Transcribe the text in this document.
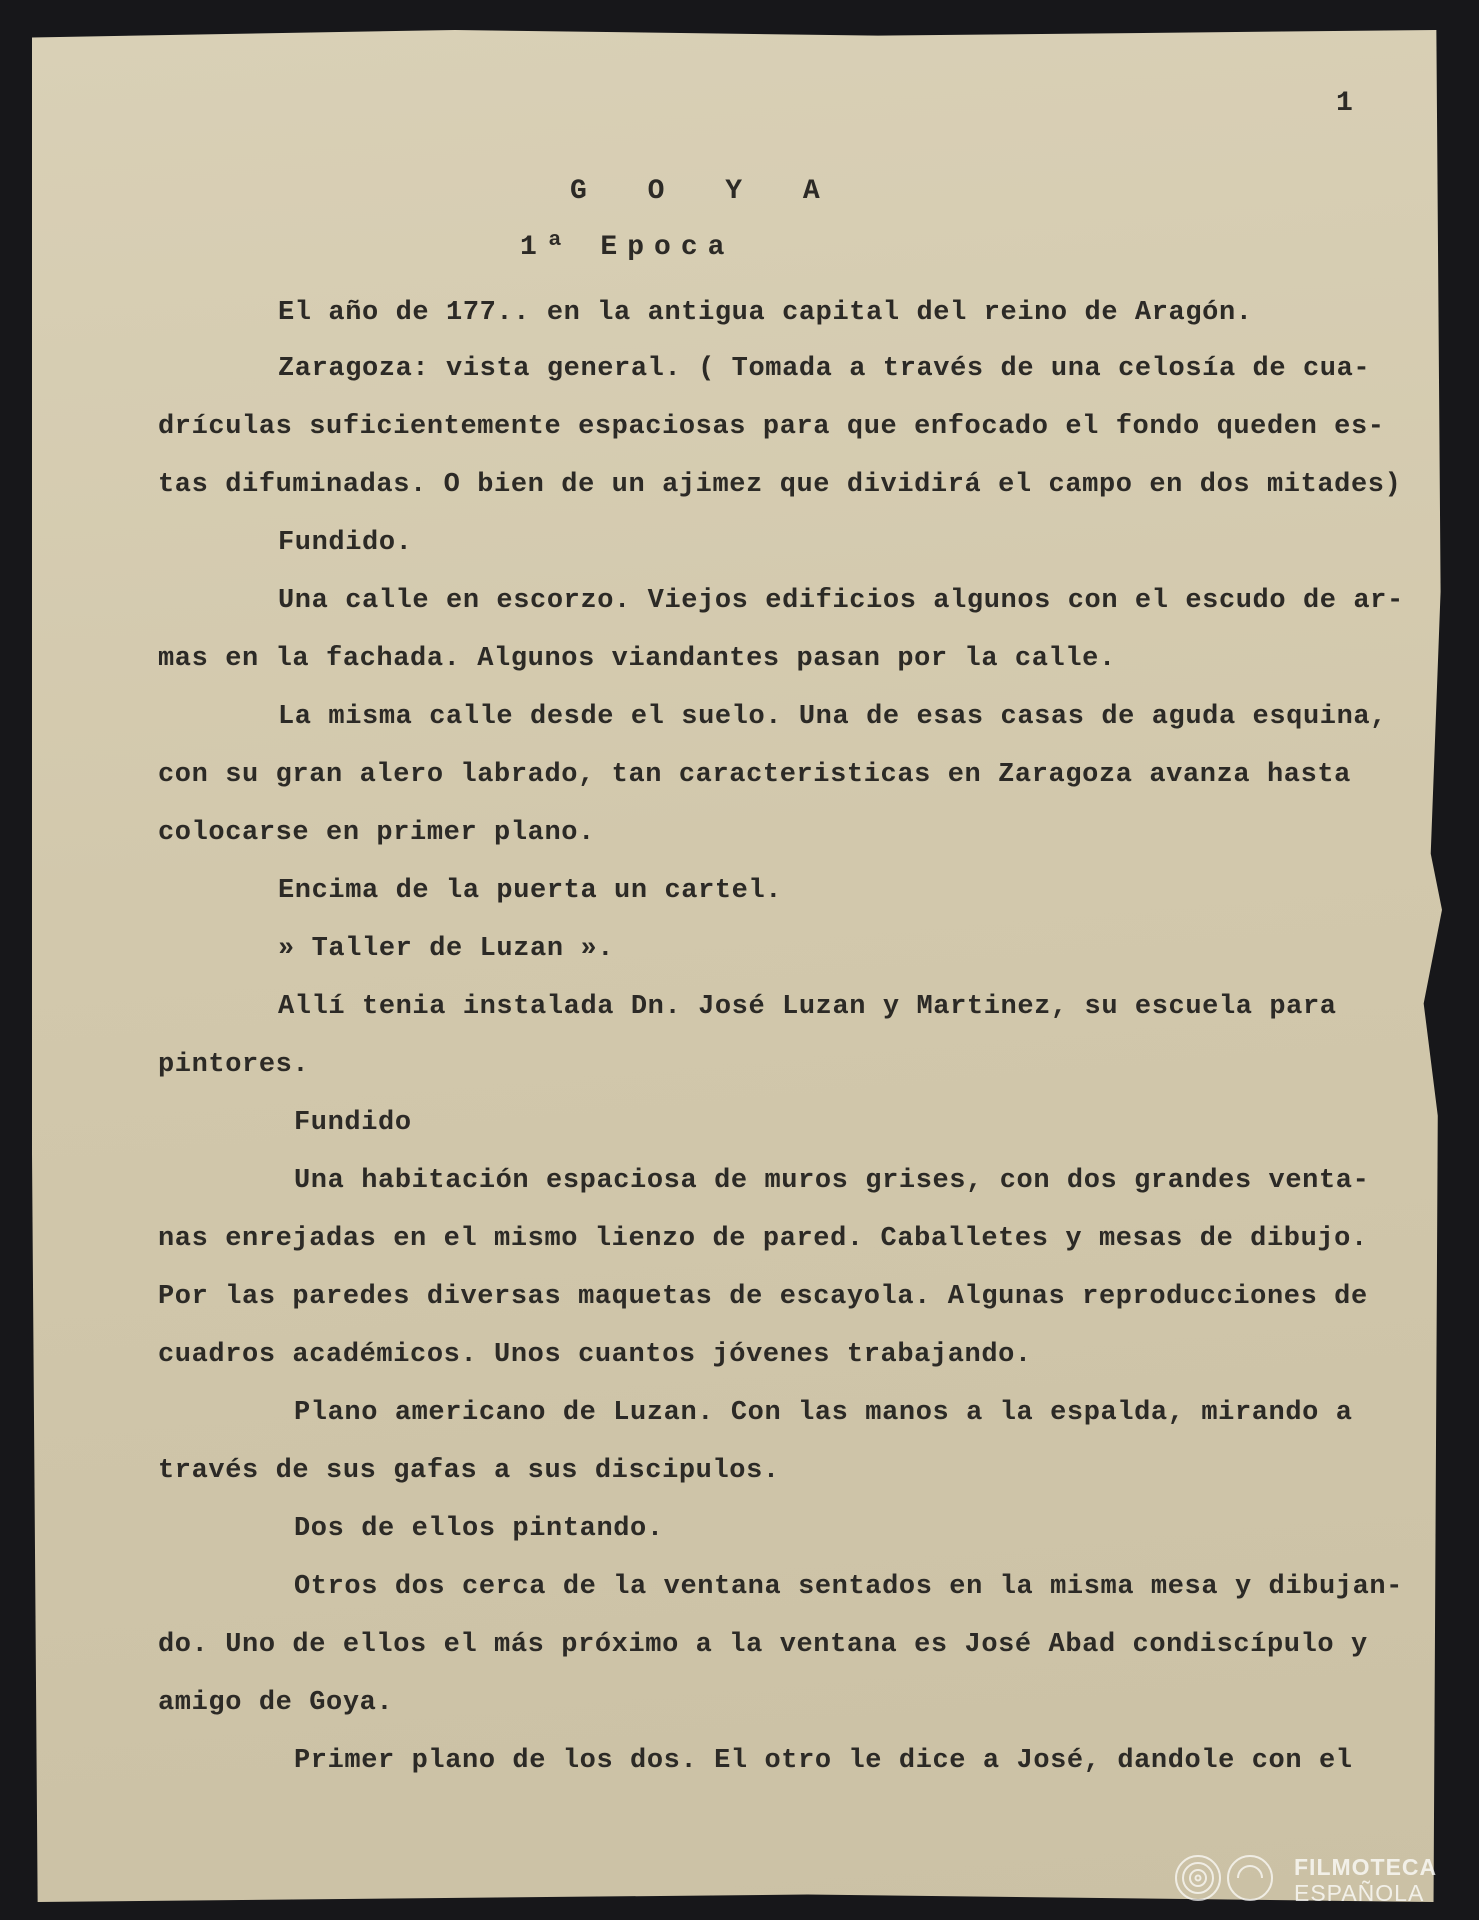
1
G O Y A
1ª Epoca
El año de 177.. en la antigua capital del reino de Aragón.
Zaragoza: vista general. ( Tomada a través de una celosía de cua-
drículas suficientemente espaciosas para que enfocado el fondo queden es-
tas difuminadas. O bien de un ajimez que dividirá el campo en dos mitades)
Fundido.
Una calle en escorzo. Viejos edificios algunos con el escudo de ar-
mas en la fachada. Algunos viandantes pasan por la calle.
La misma calle desde el suelo. Una de esas casas de aguda esquina,
con su gran alero labrado, tan caracteristicas en Zaragoza avanza hasta
colocarse en primer plano.
Encima de la puerta un cartel.
» Taller de Luzan ».
Allí tenia instalada Dn. José Luzan y Martinez, su escuela para
pintores.
Fundido
Una habitación espaciosa de muros grises, con dos grandes venta-
nas enrejadas en el mismo lienzo de pared. Caballetes y mesas de dibujo.
Por las paredes diversas maquetas de escayola. Algunas reproducciones de
cuadros académicos. Unos cuantos jóvenes trabajando.
Plano americano de Luzan. Con las manos a la espalda, mirando a
través de sus gafas a sus discipulos.
Dos de ellos pintando.
Otros dos cerca de la ventana sentados en la misma mesa y dibujan-
do. Uno de ellos el más próximo a la ventana es José Abad condiscípulo y
amigo de Goya.
Primer plano de los dos. El otro le dice a José, dandole con el
FILMOTECA
ESPAÑOLA
